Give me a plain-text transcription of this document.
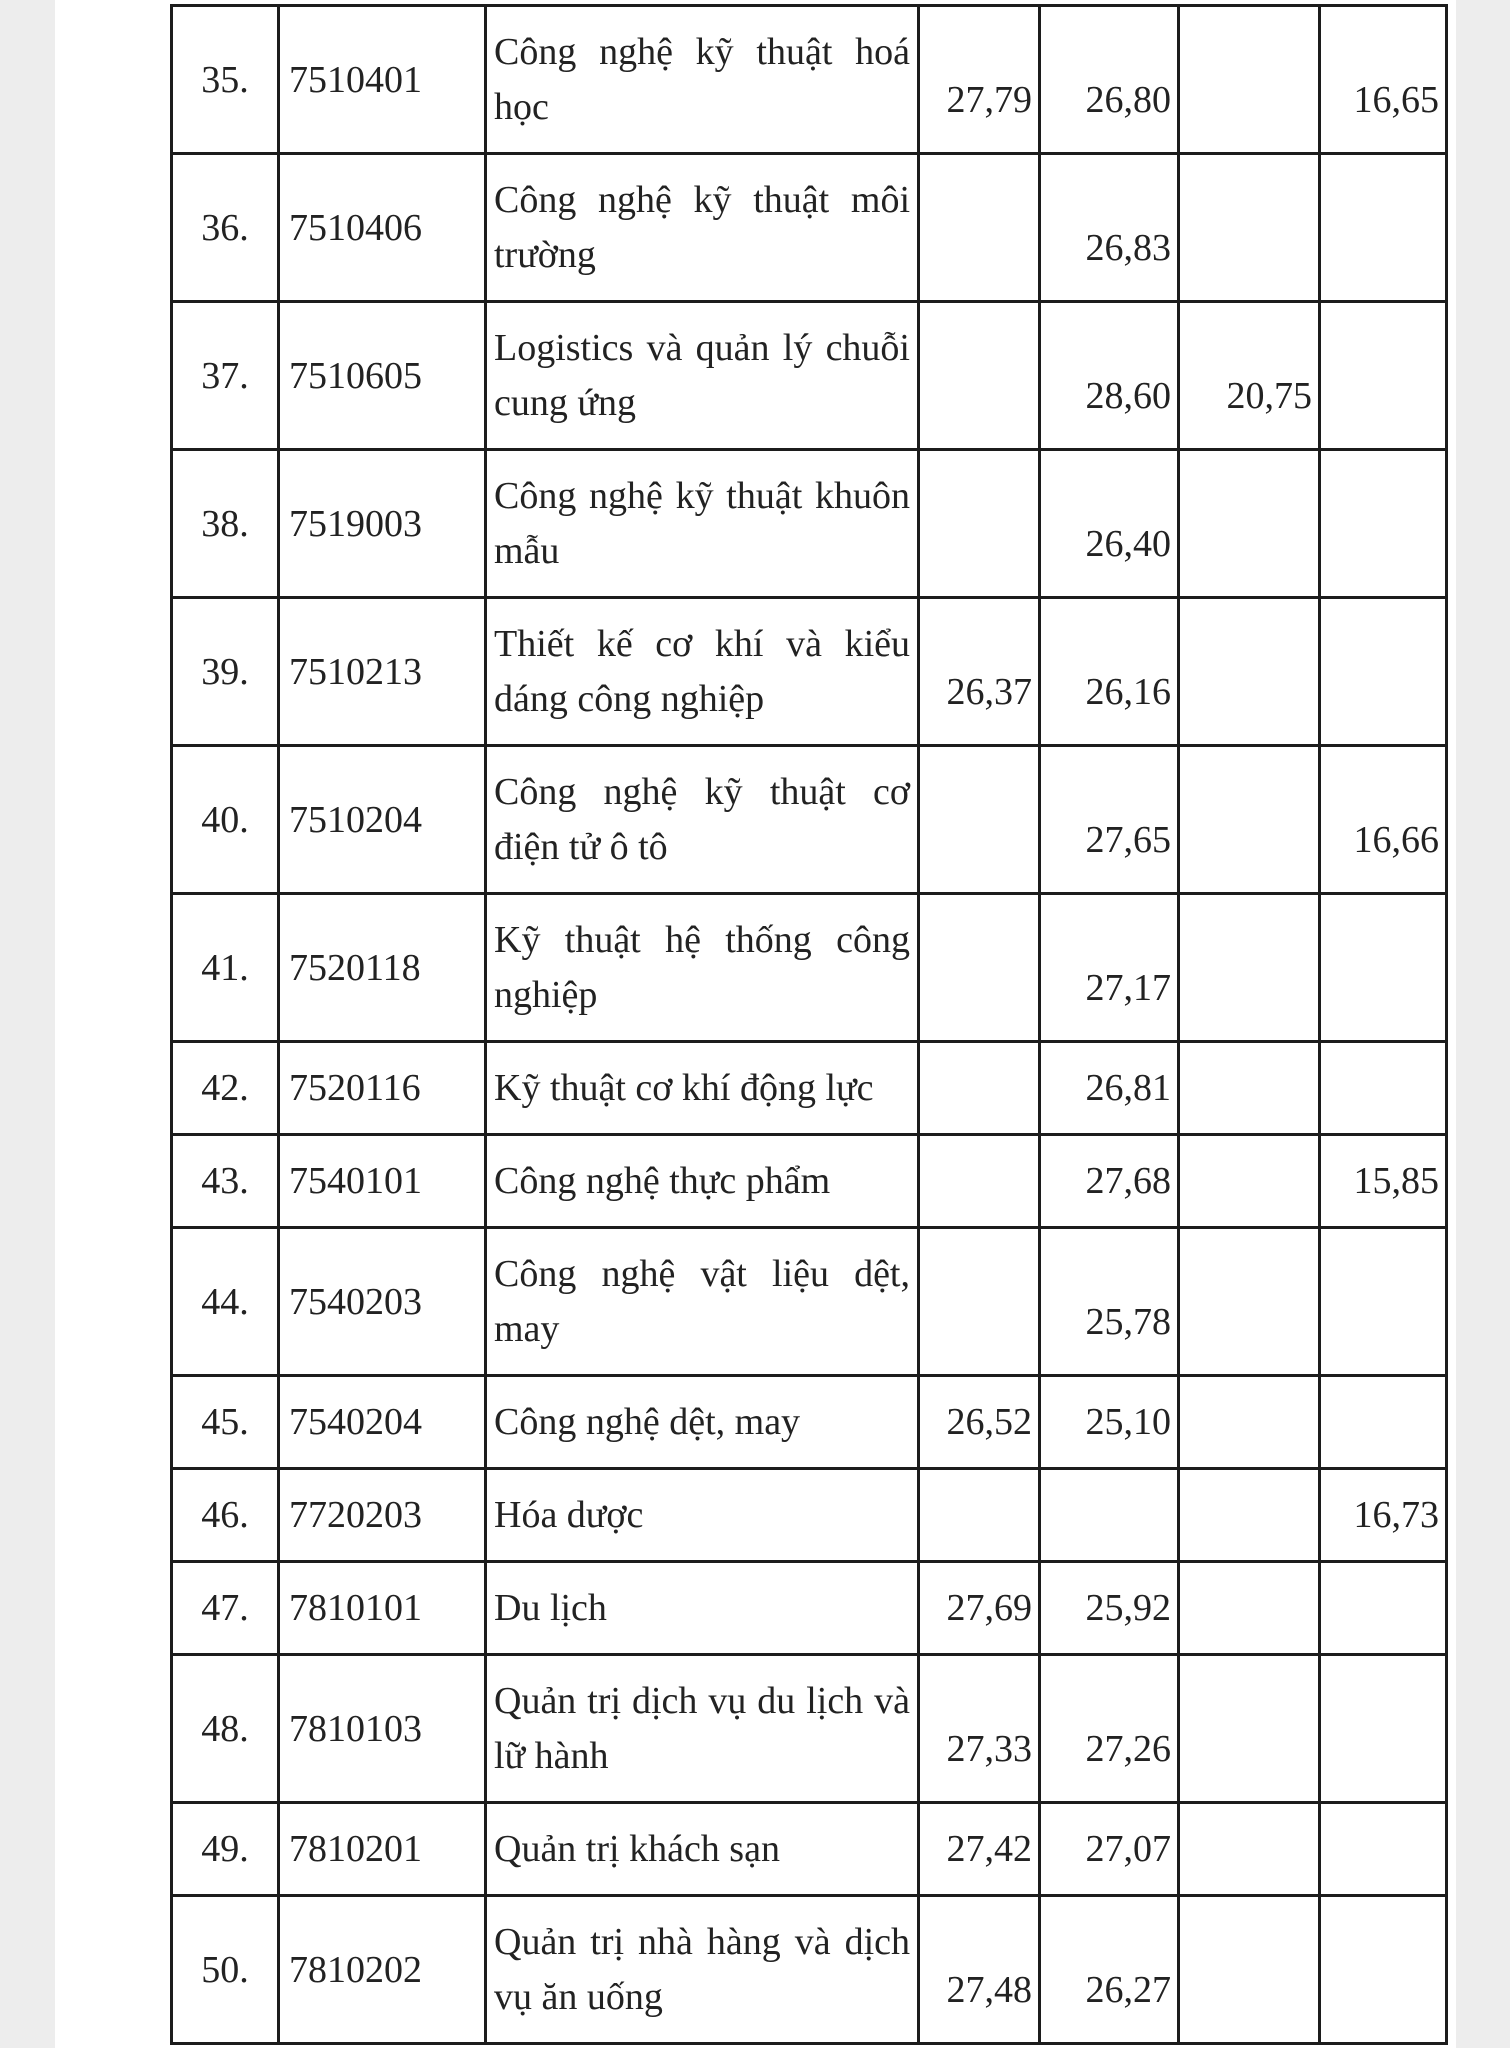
35.	7510401	Công nghệ kỹ thuật hoá học	27,79	26,80		16,65
36.	7510406	Công nghệ kỹ thuật môi trường		26,83		
37.	7510605	Logistics và quản lý chuỗi cung ứng		28,60	20,75	
38.	7519003	Công nghệ kỹ thuật khuôn mẫu		26,40		
39.	7510213	Thiết kế cơ khí và kiểu dáng công nghiệp	26,37	26,16		
40.	7510204	Công nghệ kỹ thuật cơ điện tử ô tô		27,65		16,66
41.	7520118	Kỹ thuật hệ thống công nghiệp		27,17		
42.	7520116	Kỹ thuật cơ khí động lực		26,81		
43.	7540101	Công nghệ thực phẩm		27,68		15,85
44.	7540203	Công nghệ vật liệu dệt, may		25,78		
45.	7540204	Công nghệ dệt, may	26,52	25,10		
46.	7720203	Hóa dược				16,73
47.	7810101	Du lịch	27,69	25,92		
48.	7810103	Quản trị dịch vụ du lịch và lữ hành	27,33	27,26		
49.	7810201	Quản trị khách sạn	27,42	27,07		
50.	7810202	Quản trị nhà hàng và dịch vụ ăn uống	27,48	26,27		
